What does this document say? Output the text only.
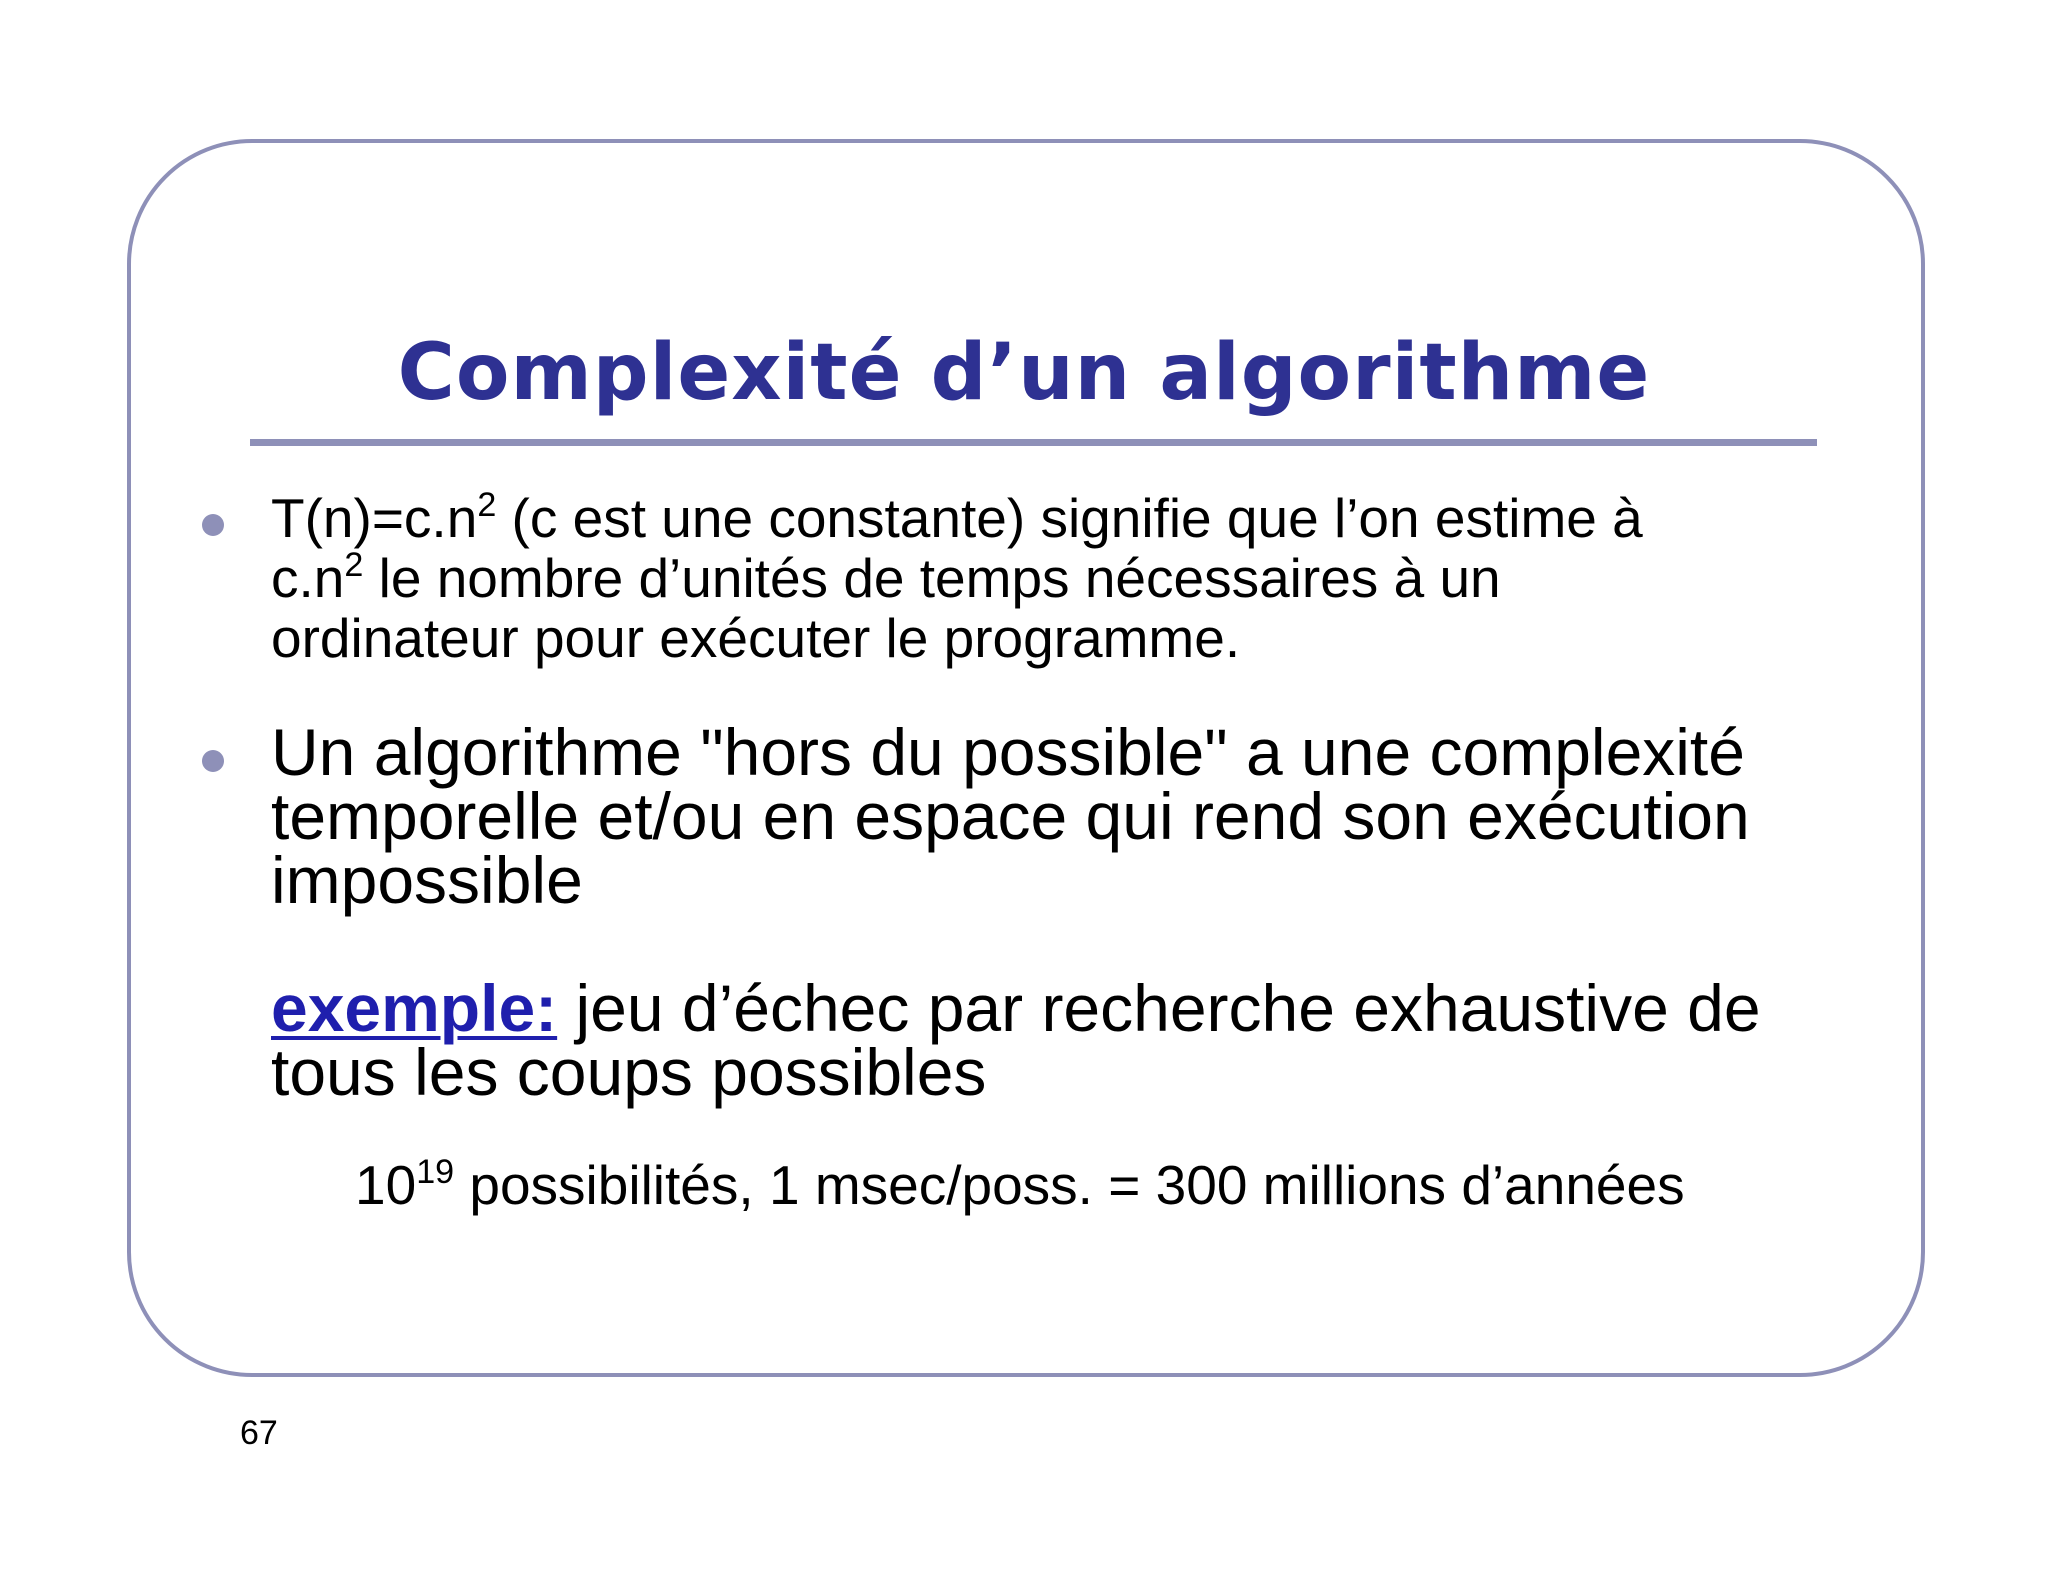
Complexité d’un algorithme

$T(n)=c.n^2$ (c est une constante) signifie que l’on estime à
$c.n^2$ le nombre d’unités de temps nécessaires à un
ordinateur pour exécuter le programme.

Un algorithme "hors du possible" a une complexité
temporelle et/ou en espace qui rend son exécution
impossible

exemple: jeu d’échec par recherche exhaustive de
tous les coups possibles

$10^{19}$ possibilités, 1 msec/poss. = 300 millions d’années

67
